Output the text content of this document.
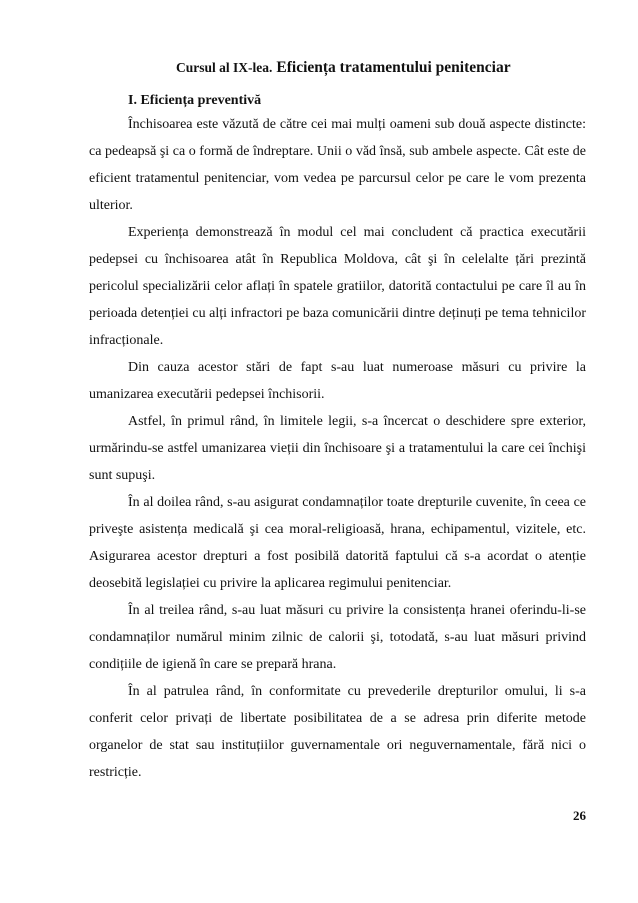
Cursul al IX-lea. Eficiența tratamentului penitenciar
I. Eficiența preventivă

Închisoarea este văzută de către cei mai mulți oameni sub două aspecte distincte: ca pedeapsă şi ca o formă de îndreptare. Unii o văd însă, sub ambele aspecte. Cât este de eficient tratamentul penitenciar, vom vedea pe parcursul celor pe care le vom prezenta ulterior.

Experiența demonstrează în modul cel mai concludent că practica executării pedepsei cu închisoarea atât în Republica Moldova, cât şi în celelalte țări prezintă pericolul specializării celor aflați în spatele gratiilor, datorită contactului pe care îl au în perioada detenției cu alți infractori pe baza comunicării dintre deținuți pe tema tehnicilor infracționale.

Din cauza acestor stări de fapt s-au luat numeroase măsuri cu privire la umanizarea executării pedepsei închisorii.

Astfel, în primul rând, în limitele legii, s-a încercat o deschidere spre exterior, urmărindu-se astfel umanizarea vieții din închisoare şi a tratamentului la care cei închişi sunt supuşi.

În al doilea rând, s-au asigurat condamnaților toate drepturile cuvenite, în ceea ce priveşte asistența medicală şi cea moral-religioasă, hrana, echipamentul, vizitele, etc. Asigurarea acestor drepturi a fost posibilă datorită faptului că s-a acordat o atenție deosebită legislației cu privire la aplicarea regimului penitenciar.

În al treilea rând, s-au luat măsuri cu privire la consistența hranei oferindu-li-se condamnaților numărul minim zilnic de calorii şi, totodată, s-au luat măsuri privind condițiile de igienă în care se prepară hrana.

În al patrulea rând, în conformitate cu prevederile drepturilor omului, li s-a conferit celor privați de libertate posibilitatea de a se adresa prin diferite metode organelor de stat sau instituțiilor guvernamentale ori neguvernamentale, fără nici o restricție.

26
